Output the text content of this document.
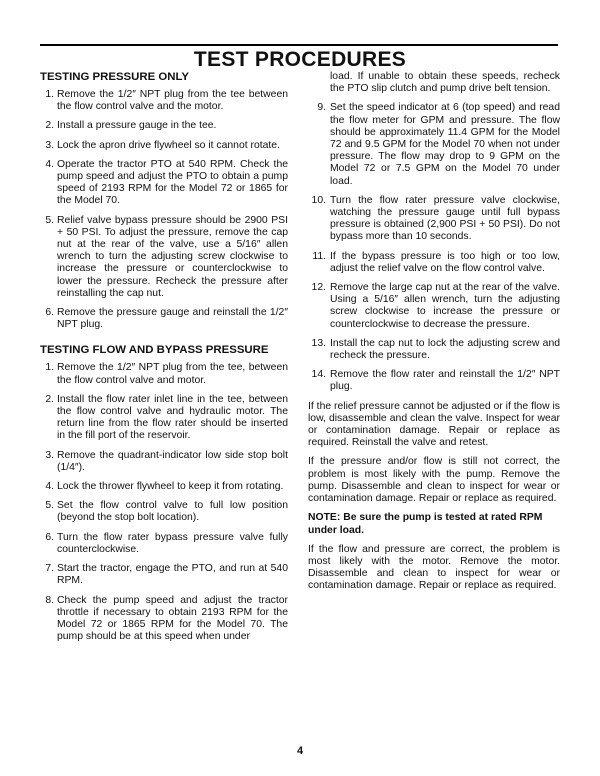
TEST PROCEDURES
TESTING PRESSURE ONLY
1. Remove the 1/2″ NPT plug from the tee between the flow control valve and the motor.
2. Install a pressure gauge in the tee.
3. Lock the apron drive flywheel so it cannot rotate.
4. Operate the tractor PTO at 540 RPM. Check the pump speed and adjust the PTO to obtain a pump speed of 2193 RPM for the Model 72 or 1865 for the Model 70.
5. Relief valve bypass pressure should be 2900 PSI + 50 PSI. To adjust the pressure, remove the cap nut at the rear of the valve, use a 5/16″ allen wrench to turn the adjusting screw clockwise to increase the pressure or counterclockwise to lower the pressure. Recheck the pressure after reinstalling the cap nut.
6. Remove the pressure gauge and reinstall the 1/2″ NPT plug.
TESTING FLOW AND BYPASS PRESSURE
1. Remove the 1/2″ NPT plug from the tee, between the flow control valve and motor.
2. Install the flow rater inlet line in the tee, between the flow control valve and hydraulic motor. The return line from the flow rater should be inserted in the fill port of the reservoir.
3. Remove the quadrant-indicator low side stop bolt (1/4″).
4. Lock the thrower flywheel to keep it from rotating.
5. Set the flow control valve to full low position (beyond the stop bolt location).
6. Turn the flow rater bypass pressure valve fully counterclockwise.
7. Start the tractor, engage the PTO, and run at 540 RPM.
8. Check the pump speed and adjust the tractor throttle if necessary to obtain 2193 RPM for the Model 72 or 1865 RPM for the Model 70. The pump should be at this speed when under
load. If unable to obtain these speeds, recheck the PTO slip clutch and pump drive belt tension.
9. Set the speed indicator at 6 (top speed) and read the flow meter for GPM and pressure. The flow should be approximately 11.4 GPM for the Model 72 and 9.5 GPM for the Model 70 when not under pressure. The flow may drop to 9 GPM on the Model 72 or 7.5 GPM on the Model 70 under load.
10. Turn the flow rater pressure valve clockwise, watching the pressure gauge until full bypass pressure is obtained (2,900 PSI + 50 PSI). Do not bypass more than 10 seconds.
11. If the bypass pressure is too high or too low, adjust the relief valve on the flow control valve.
12. Remove the large cap nut at the rear of the valve. Using a 5/16″ allen wrench, turn the adjusting screw clockwise to increase the pressure or counterclockwise to decrease the pressure.
13. Install the cap nut to lock the adjusting screw and recheck the pressure.
14. Remove the flow rater and reinstall the 1/2″ NPT plug.

If the relief pressure cannot be adjusted or if the flow is low, disassemble and clean the valve. Inspect for wear or contamination damage. Repair or replace as required. Reinstall the valve and retest.

If the pressure and/or flow is still not correct, the problem is most likely with the pump. Remove the pump. Disassemble and clean to inspect for wear or contamination damage. Repair or replace as required.

NOTE: Be sure the pump is tested at rated RPM under load.

If the flow and pressure are correct, the problem is most likely with the motor. Remove the motor. Disassemble and clean to inspect for wear or contamination damage. Repair or replace as required.

4
